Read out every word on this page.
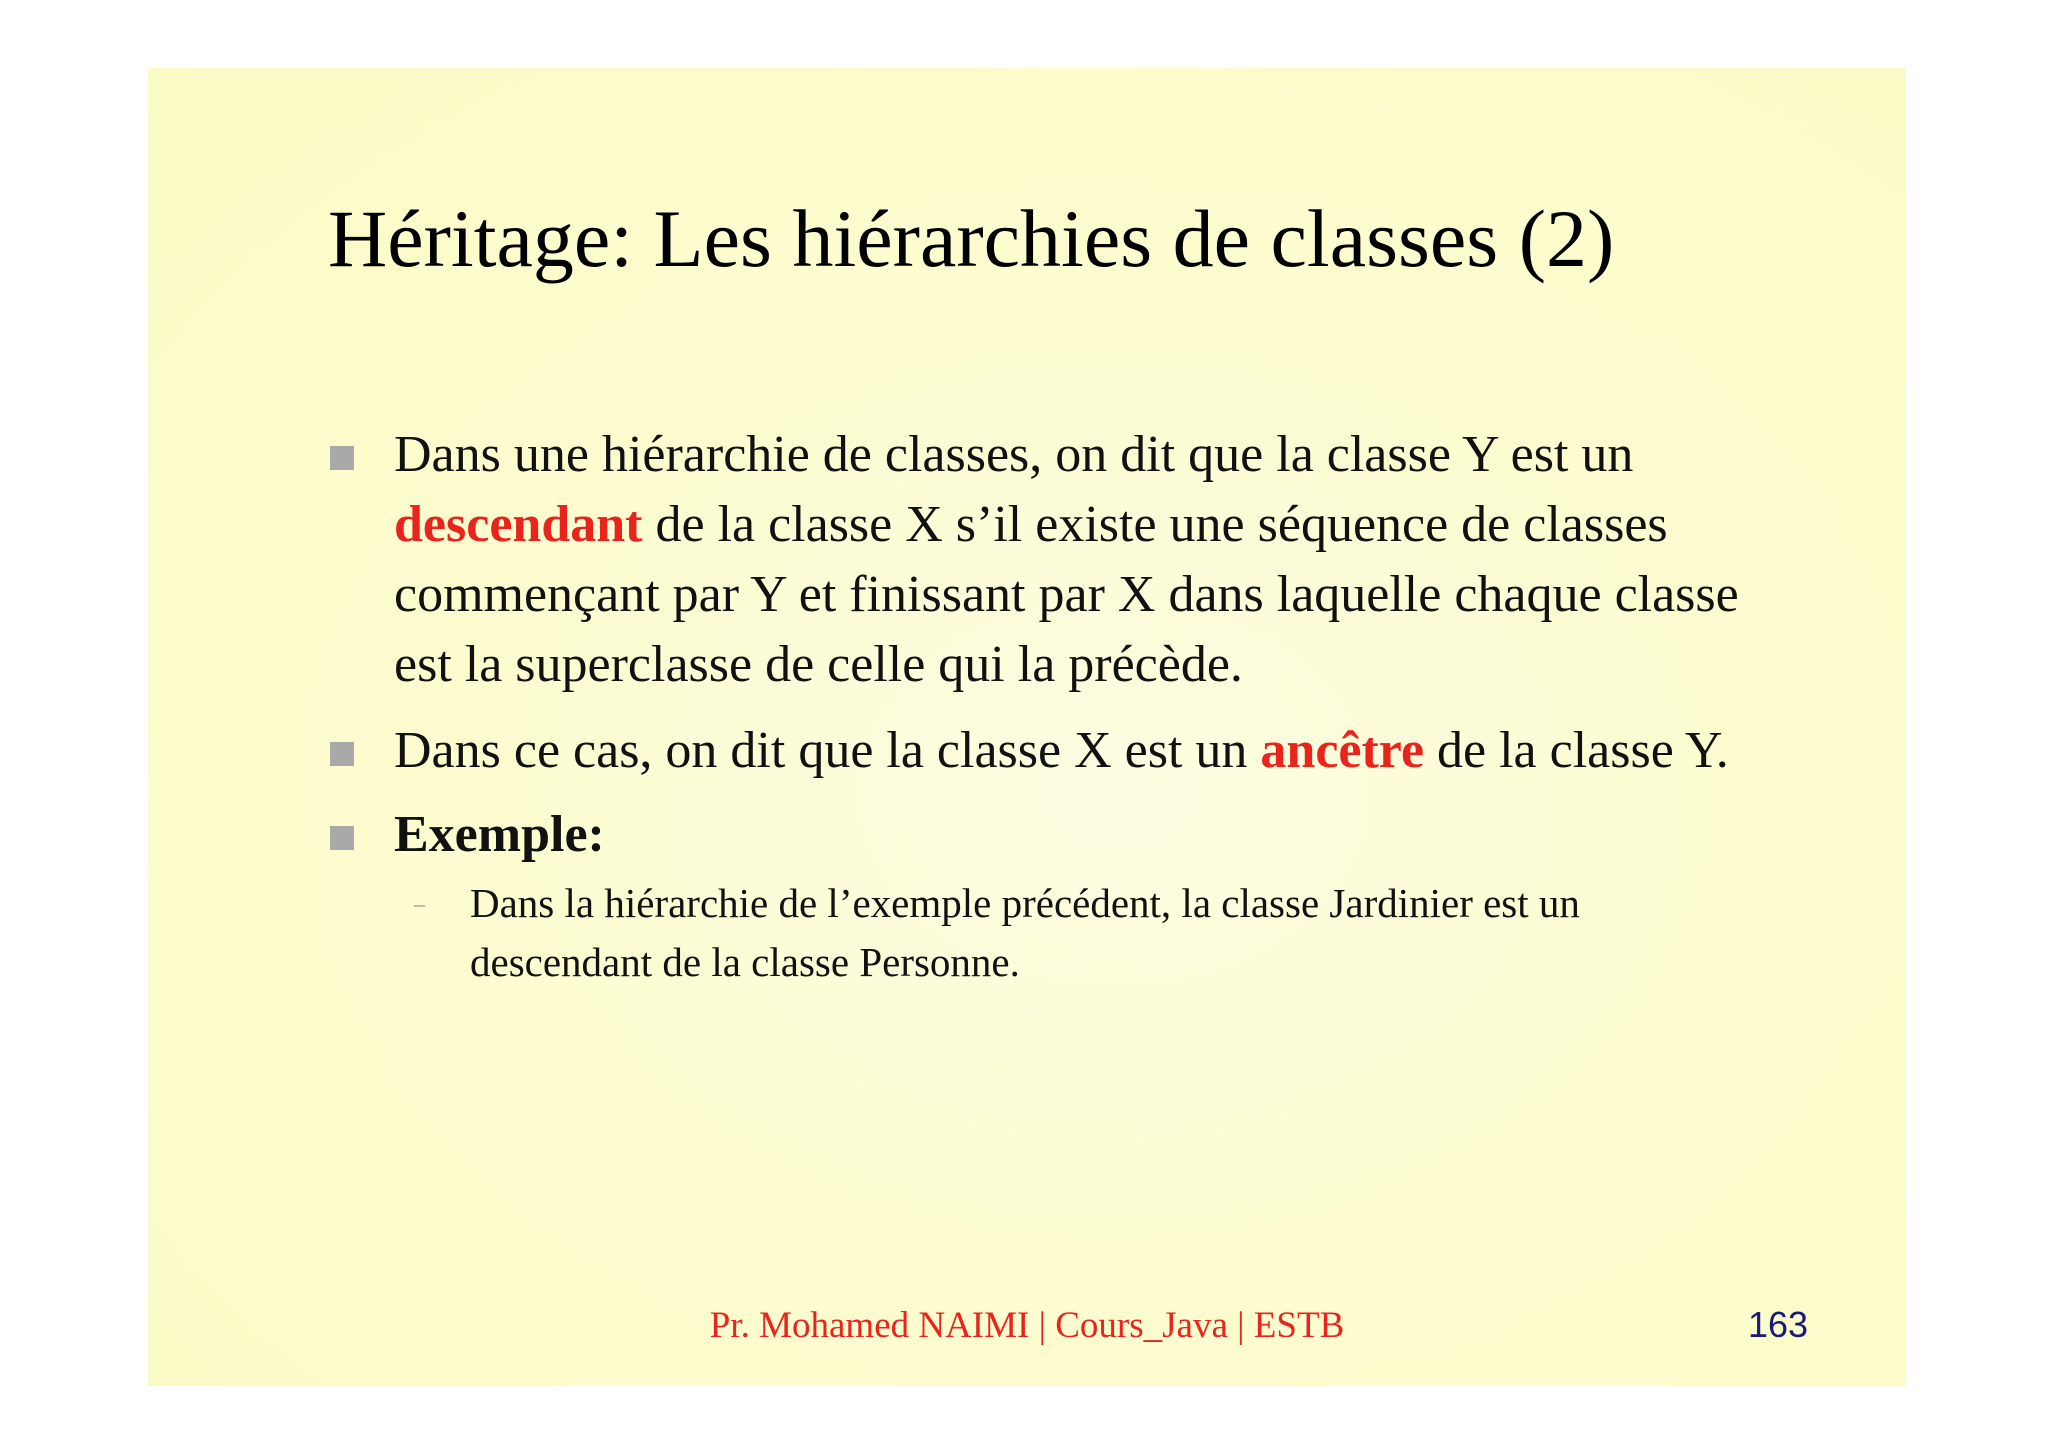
Héritage: Les hiérarchies de classes (2)
Dans une hiérarchie de classes, on dit que la classe Y est un descendant de la classe X s’il existe une séquence de classes commençant par Y et finissant par X dans laquelle chaque classe est la superclasse de celle qui la précède.
Dans ce cas, on dit que la classe X est un ancêtre de la classe Y.
Exemple:
– Dans la hiérarchie de l’exemple précédent, la classe Jardinier est un descendant de la classe Personne.
Pr. Mohamed NAIMI | Cours_Java | ESTB	163
